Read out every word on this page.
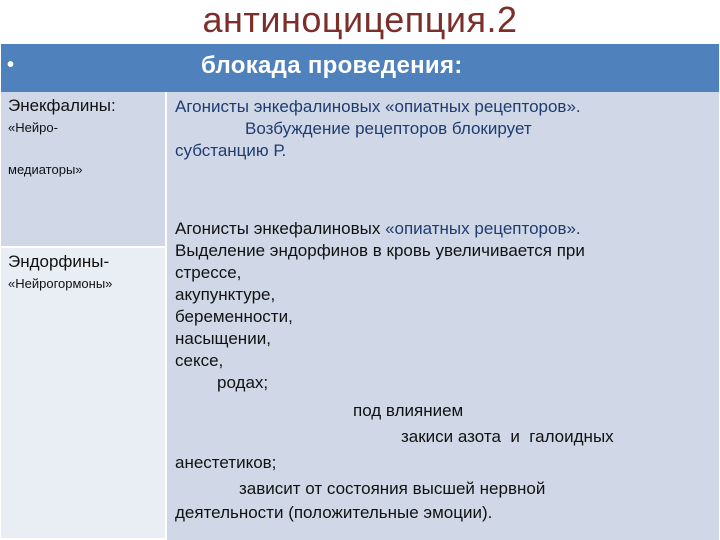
антиноцицепция.2
•	блокада проведения:
Энекфалины:
«Нейро-
медиаторы»
Эндорфины-
«Нейрогормоны»
Агонисты энкефалиновых «опиатных рецепторов».
Возбуждение рецепторов блокирует
субстанцию Р.
Агонисты энкефалиновых «опиатных рецепторов».
Выделение эндорфинов в кровь увеличивается при
стрессе,
акупунктуре,
беременности,
насыщении,
сексе,
родах;
под влиянием
закиси азота  и  галоидных
анестетиков;
зависит от состояния высшей нервной
деятельности (положительные эмоции).
